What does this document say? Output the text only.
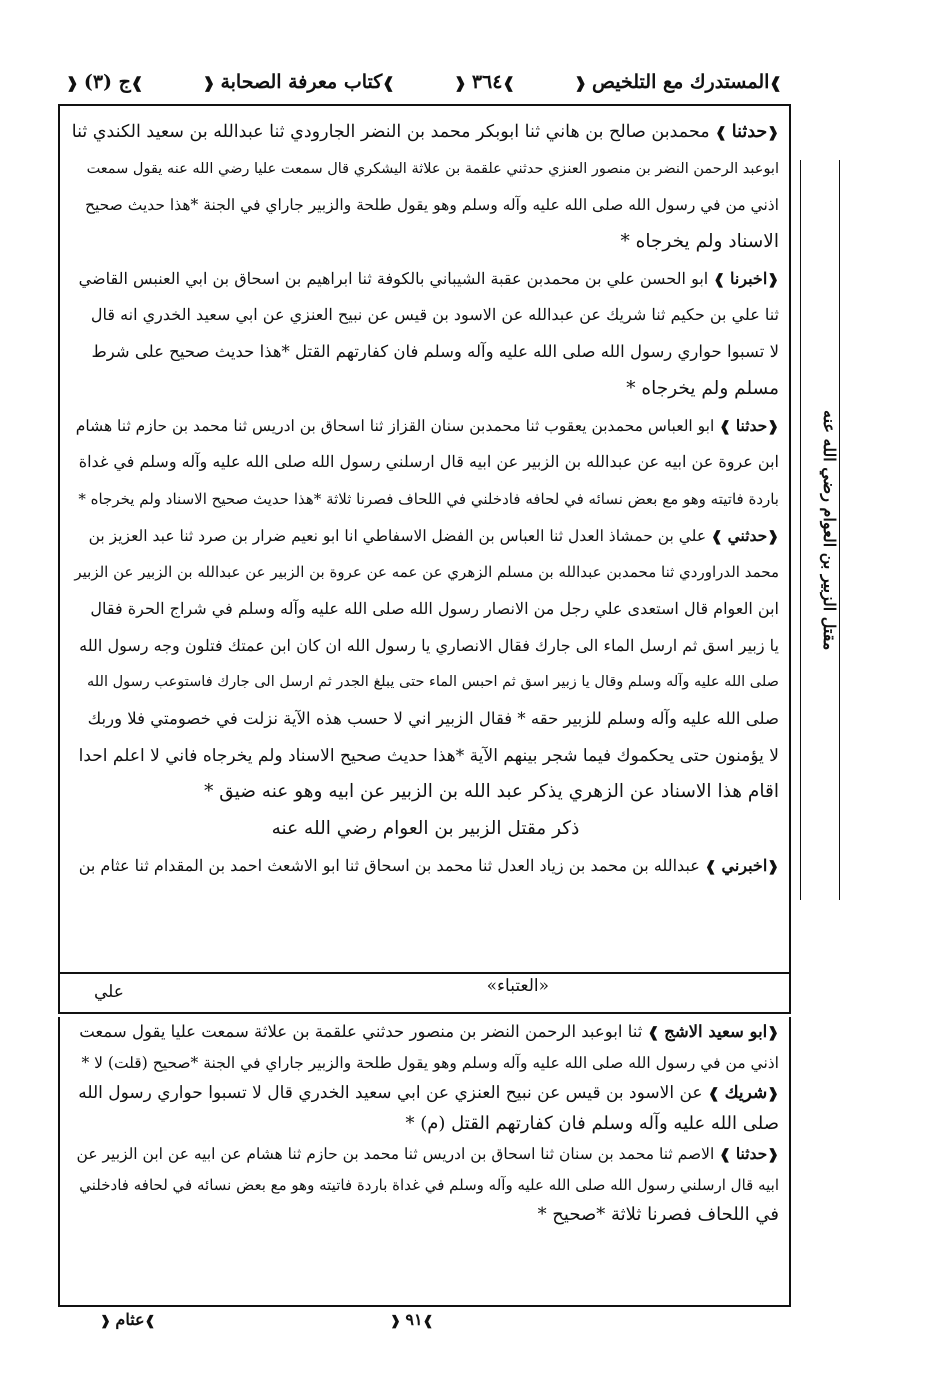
❱ المستدرك مع التلخيص ❰
❱ ٣٦٤ ❰
❱ كتاب معرفة الصحابة ❰
❱ ج (٣) ❰
❰ حدثنا ❱ محمدبن صالح بن هاني ثنا ابوبكر محمد بن النضر الجارودي ثنا عبدالله بن سعيد الكندي ثنا
ابوعبد الرحمن النضر بن منصور العنزي حدثني علقمة بن علاثة اليشكري قال سمعت عليا رضي الله عنه يقول سمعت
اذني من في رسول الله صلى الله عليه وآله وسلم وهو يقول طلحة والزبير جاراي في الجنة *هذا حديث صحيح
الاسناد ولم يخرجاه *
❰ اخبرنا ❱ ابو الحسن علي بن محمدبن عقبة الشيباني بالكوفة ثنا ابراهيم بن اسحاق بن ابي العنبس القاضي
ثنا علي بن حكيم ثنا شريك عن عبدالله عن الاسود بن قيس عن نبيح العنزي عن ابي سعيد الخدري انه قال
لا تسبوا حواري رسول الله صلى الله عليه وآله وسلم فان كفارتهم القتل *هذا حديث صحيح على شرط
مسلم ولم يخرجاه *
❰ حدثنا ❱ ابو العباس محمدبن يعقوب ثنا محمدبن سنان القزاز ثنا اسحاق بن ادريس ثنا محمد بن حازم ثنا هشام
ابن عروة عن ابيه عن عبدالله بن الزبير عن ابيه قال ارسلني رسول الله صلى الله عليه وآله وسلم في غداة
باردة فاتيته وهو مع بعض نسائه في لحافه فادخلني في اللحاف فصرنا ثلاثة *هذا حديث صحيح الاسناد ولم يخرجاه *
❰ حدثني ❱ علي بن حمشاذ العدل ثنا العباس بن الفضل الاسفاطي انا ابو نعيم ضرار بن صرد ثنا عبد العزيز بن
محمد الدراوردي ثنا محمدبن عبدالله بن مسلم الزهري عن عمه عن عروة بن الزبير عن عبدالله بن الزبير عن الزبير
ابن العوام قال استعدى علي رجل من الانصار رسول الله صلى الله عليه وآله وسلم في شراج الحرة فقال
يا زبير اسق ثم ارسل الماء الى جارك فقال الانصاري يا رسول الله ان كان ابن عمتك فتلون وجه رسول الله
صلى الله عليه وآله وسلم وقال يا زبير اسق ثم احبس الماء حتى يبلغ الجدر ثم ارسل الى جارك فاستوعب رسول الله
صلى الله عليه وآله وسلم للزبير حقه * فقال الزبير اني لا حسب هذه الآية نزلت في خصومتي فلا وربك
لا يؤمنون حتى يحكموك فيما شجر بينهم الآية *هذا حديث صحيح الاسناد ولم يخرجاه فاني لا اعلم احدا
اقام هذا الاسناد عن الزهري يذكر عبد الله بن الزبير عن ابيه وهو عنه ضيق *
ذكر مقتل الزبير بن العوام رضي الله عنه
❰ اخبرني ❱ عبدالله بن محمد بن زياد العدل ثنا محمد بن اسحاق ثنا ابو الاشعث احمد بن المقدام ثنا عثام بن
مقتل الزبير بن العوام رضي الله عنه
«العتباء»
علي
❰ ابو سعيد الاشج ❱ ثنا ابوعبد الرحمن النضر بن منصور حدثني علقمة بن علاثة سمعت عليا يقول سمعت
اذني من في رسول الله صلى الله عليه وآله وسلم وهو يقول طلحة والزبير جاراي في الجنة *صحيح (قلت) لا *
❰ شريك ❱ عن الاسود بن قيس عن نبيح العنزي عن ابي سعيد الخدري قال لا تسبوا حواري رسول الله
صلى الله عليه وآله وسلم فان كفارتهم القتل (م) *
❰ حدثنا ❱ الاصم ثنا محمد بن سنان ثنا اسحاق بن ادريس ثنا محمد بن حازم ثنا هشام عن ابيه عن ابن الزبير عن
ابيه قال ارسلني رسول الله صلى الله عليه وآله وسلم في غداة باردة فاتيته وهو مع بعض نسائه في لحافه فادخلني
في اللحاف فصرنا ثلاثة *صحيح *
❱ عثام ❰
❱	٩١ ❰
